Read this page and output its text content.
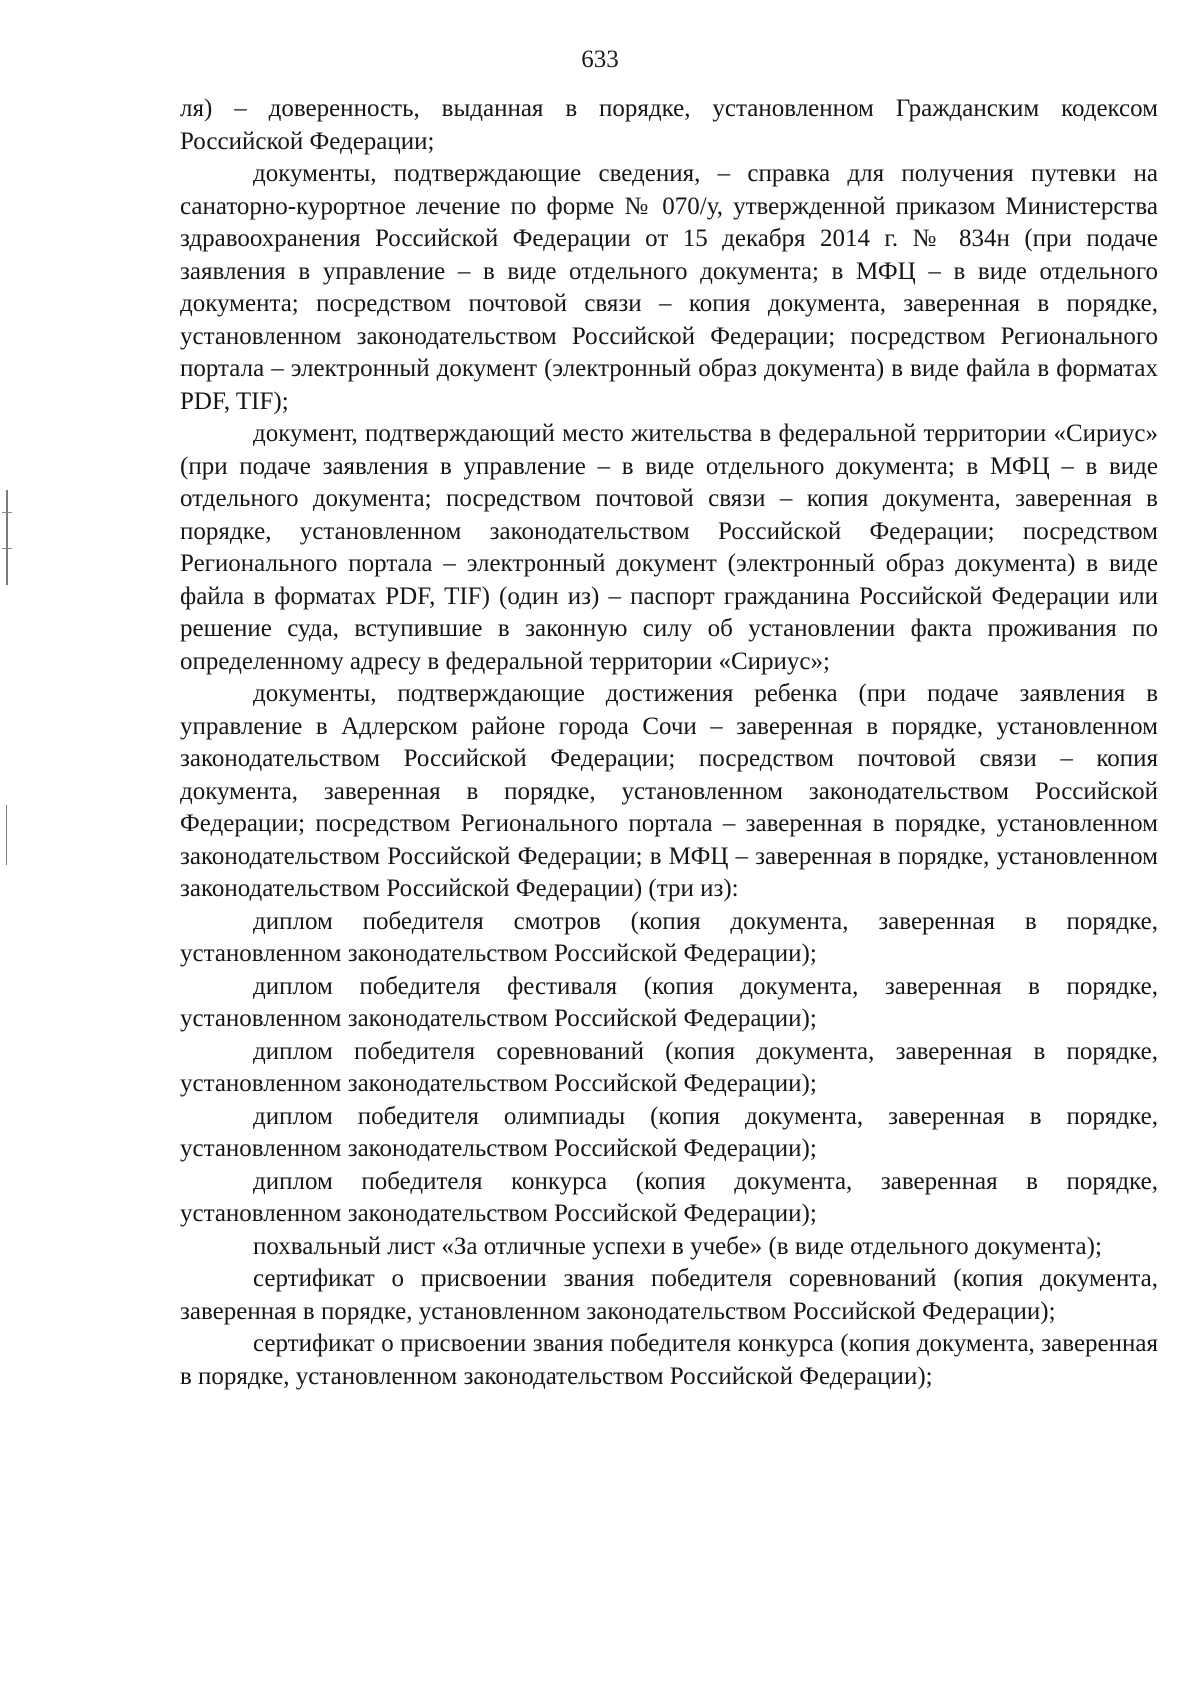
633

ля) – доверенность, выданная в порядке, установленном Гражданским кодексом Российской Федерации;

документы, подтверждающие сведения, – справка для получения путевки на санаторно-курортное лечение по форме № 070/у, утвержденной приказом Министерства здравоохранения Российской Федерации от 15 декабря 2014 г. № 834н (при подаче заявления в управление – в виде отдельного документа; в МФЦ – в виде отдельного документа; посредством почтовой связи – копия документа, заверенная в порядке, установленном законодательством Российской Федерации; посредством Регионального портала – электронный документ (электронный образ документа) в виде файла в форматах PDF, TIF);

документ, подтверждающий место жительства в федеральной территории «Сириус» (при подаче заявления в управление – в виде отдельного документа; в МФЦ – в виде отдельного документа; посредством почтовой связи – копия документа, заверенная в порядке, установленном законодательством Российской Федерации; посредством Регионального портала – электронный документ (электронный образ документа) в виде файла в форматах PDF, TIF) (один из) – паспорт гражданина Российской Федерации или решение суда, вступившие в законную силу об установлении факта проживания по определенному адресу в федеральной территории «Сириус»;

документы, подтверждающие достижения ребенка (при подаче заявления в управление в Адлерском районе города Сочи – заверенная в порядке, установленном законодательством Российской Федерации; посредством почтовой связи – копия документа, заверенная в порядке, установленном законодательством Российской Федерации; посредством Регионального портала – заверенная в порядке, установленном законодательством Российской Федерации; в МФЦ – заверенная в порядке, установленном законодательством Российской Федерации) (три из):

диплом победителя смотров (копия документа, заверенная в порядке, установленном законодательством Российской Федерации);

диплом победителя фестиваля (копия документа, заверенная в порядке, установленном законодательством Российской Федерации);

диплом победителя соревнований (копия документа, заверенная в порядке, установленном законодательством Российской Федерации);

диплом победителя олимпиады (копия документа, заверенная в порядке, установленном законодательством Российской Федерации);

диплом победителя конкурса (копия документа, заверенная в порядке, установленном законодательством Российской Федерации);

похвальный лист «За отличные успехи в учебе» (в виде отдельного документа);

сертификат о присвоении звания победителя соревнований (копия документа, заверенная в порядке, установленном законодательством Российской Федерации);

сертификат о присвоении звания победителя конкурса (копия документа, заверенная в порядке, установленном законодательством Российской Федерации);
